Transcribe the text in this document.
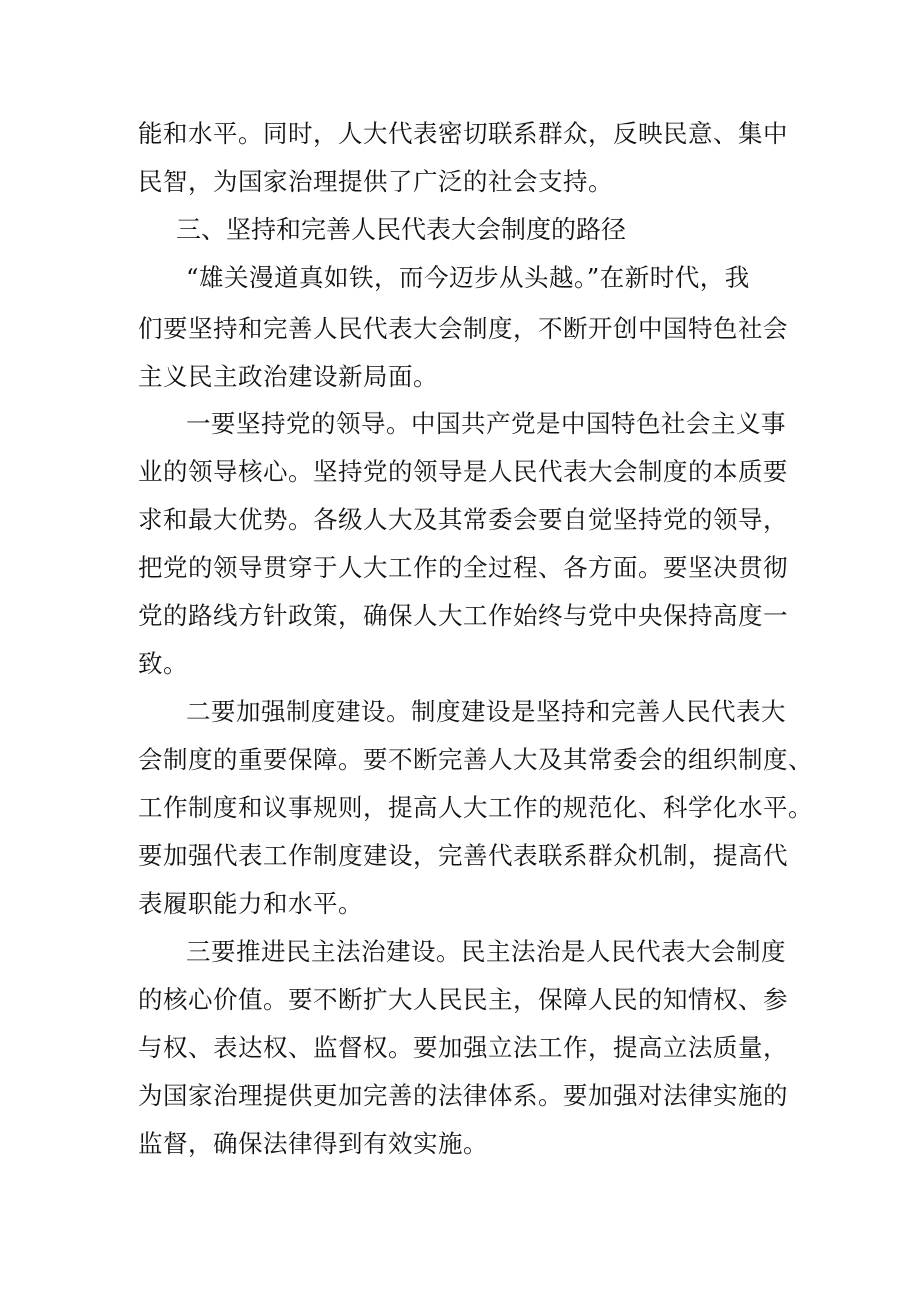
能和水平。同时，人大代表密切联系群众，反映民意、集中
民智，为国家治理提供了广泛的社会支持。
三、坚持和完善人民代表大会制度的路径
“雄关漫道真如铁，而今迈步从头越。”在新时代，我
们要坚持和完善人民代表大会制度，不断开创中国特色社会
主义民主政治建设新局面。
一要坚持党的领导。中国共产党是中国特色社会主义事
业的领导核心。坚持党的领导是人民代表大会制度的本质要
求和最大优势。各级人大及其常委会要自觉坚持党的领导，
把党的领导贯穿于人大工作的全过程、各方面。要坚决贯彻
党的路线方针政策，确保人大工作始终与党中央保持高度一
致。
二要加强制度建设。制度建设是坚持和完善人民代表大
会制度的重要保障。要不断完善人大及其常委会的组织制度、
工作制度和议事规则，提高人大工作的规范化、科学化水平。
要加强代表工作制度建设，完善代表联系群众机制，提高代
表履职能力和水平。
三要推进民主法治建设。民主法治是人民代表大会制度
的核心价值。要不断扩大人民民主，保障人民的知情权、参
与权、表达权、监督权。要加强立法工作，提高立法质量，
为国家治理提供更加完善的法律体系。要加强对法律实施的
监督，确保法律得到有效实施。
